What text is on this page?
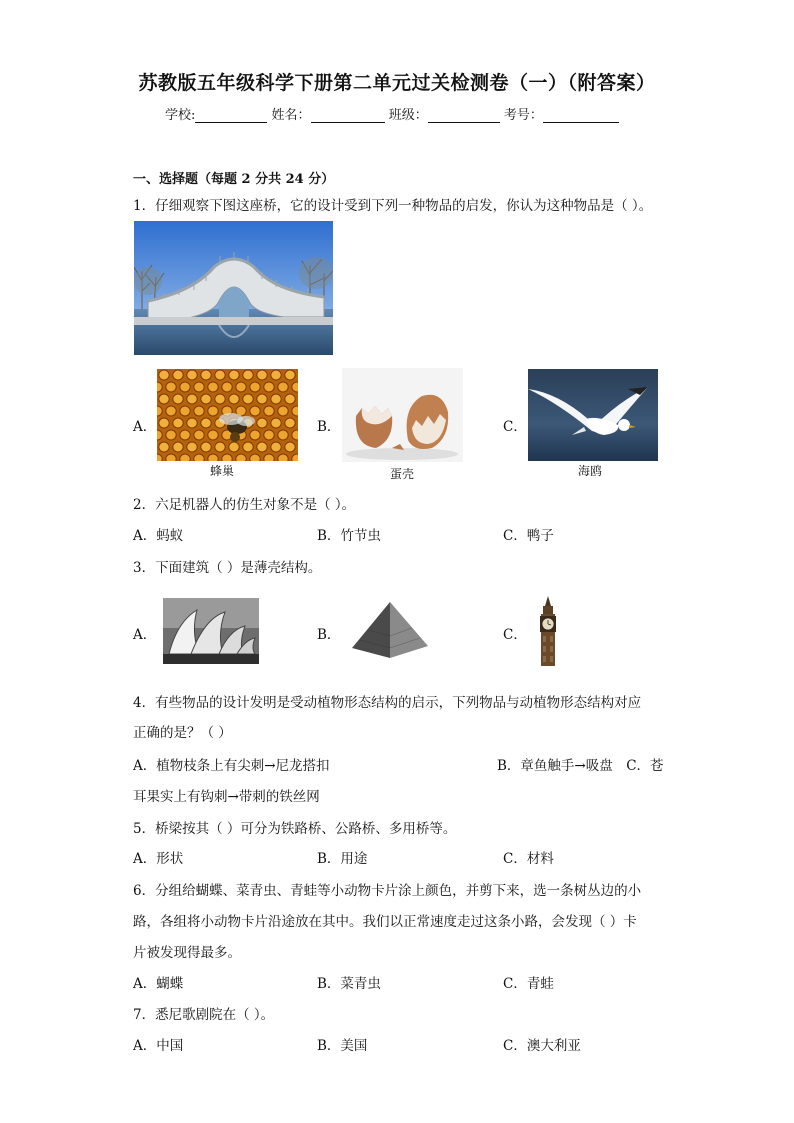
苏教版五年级科学下册第二单元过关检测卷（一）（附答案）
学校:	姓名：	班级：	考号：
一、选择题（每题 2 分共 24 分）
1．仔细观察下图这座桥，它的设计受到下列一种物品的启发，你认为这种物品是（ ）。
A．
蜂巢
B．
蛋壳
C．
海鸥
2．六足机器人的仿生对象不是（ ）。
A．蚂蚁	B．竹节虫	C．鸭子
3．下面建筑（ ）是薄壳结构。
A．	B．	C．
4．有些物品的设计发明是受动植物形态结构的启示，下列物品与动植物形态结构对应
正确的是？（ ）
A．植物枝条上有尖刺→尼龙搭扣	B．章鱼触手→吸盘　C．苍
耳果实上有钩刺→带刺的铁丝网
5．桥梁按其（ ）可分为铁路桥、公路桥、多用桥等。
A．形状	B．用途	C．材料
6．分组给蝴蝶、菜青虫、青蛙等小动物卡片涂上颜色，并剪下来，选一条树丛边的小
路，各组将小动物卡片沿途放在其中。我们以正常速度走过这条小路，会发现（ ）卡
片被发现得最多。
A．蝴蝶	B．菜青虫	C．青蛙
7．悉尼歌剧院在（ ）。
A．中国	B．美国	C．澳大利亚
